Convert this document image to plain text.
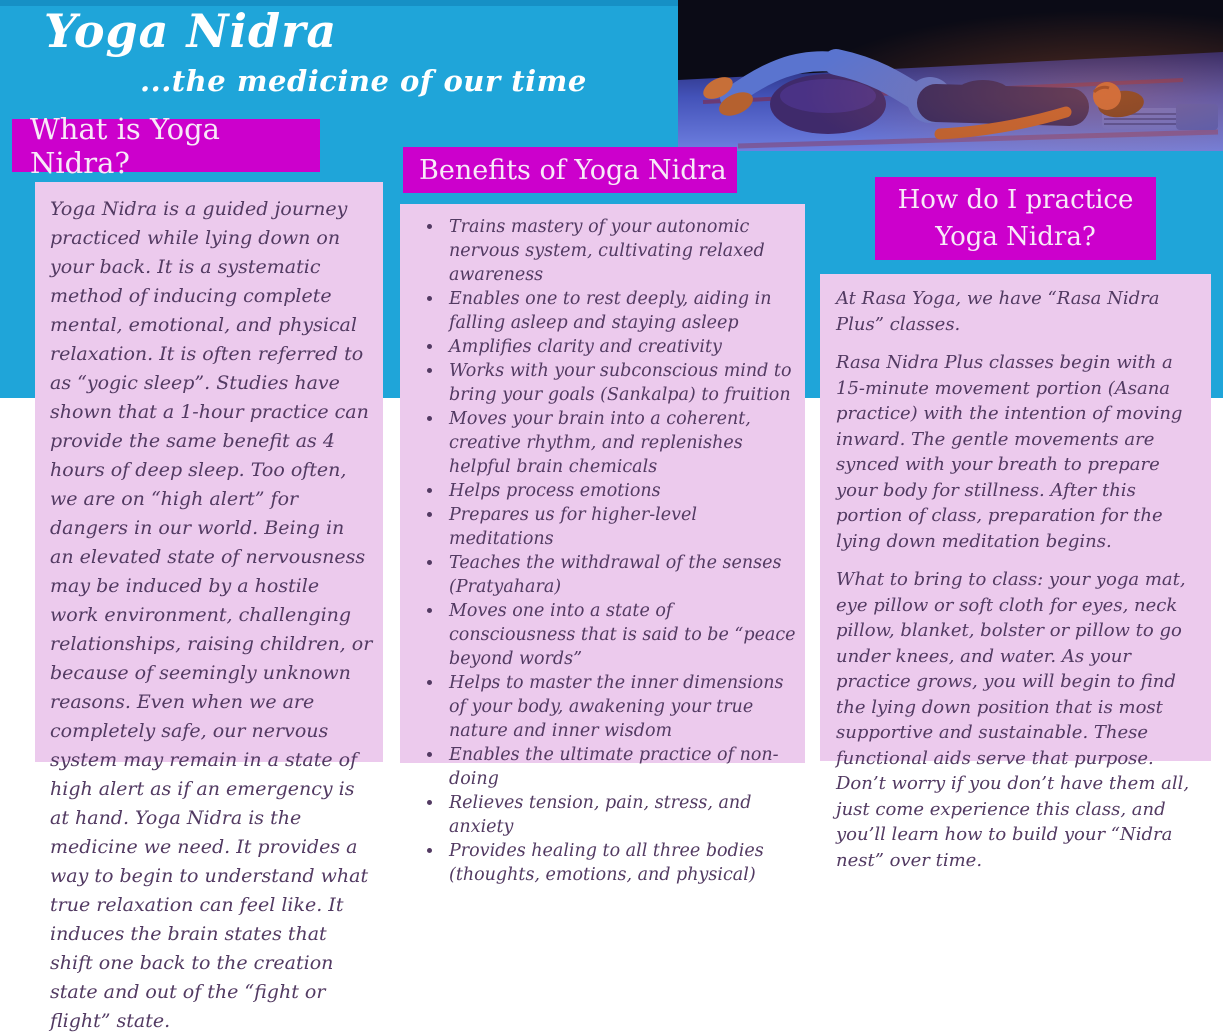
Yoga Nidra
...the medicine of our time
What is Yoga Nidra?	Benefits of Yoga Nidra
How do I practice Yoga Nidra?
Yoga Nidra is a guided journey practiced while lying down on your back. It is a systematic method of inducing complete mental, emotional, and physical relaxation. It is often referred to as “yogic sleep”. Studies have shown that a 1-hour practice can provide the same benefit as 4 hours of deep sleep. Too often, we are on “high alert” for dangers in our world. Being in an elevated state of nervousness may be induced by a hostile work environment, challenging relationships, raising children, or because of seemingly unknown reasons. Even when we are completely safe, our nervous system may remain in a state of high alert as if an emergency is at hand. Yoga Nidra is the medicine we need. It provides a way to begin to understand what true relaxation can feel like. It induces the brain states that shift one back to the creation state and out of the “fight or flight” state.
• Trains mastery of your autonomic nervous system, cultivating relaxed awareness
• Enables one to rest deeply, aiding in falling asleep and staying asleep
• Amplifies clarity and creativity
• Works with your subconscious mind to bring your goals (Sankalpa) to fruition
• Moves your brain into a coherent, creative rhythm, and replenishes helpful brain chemicals
• Helps process emotions
• Prepares us for higher-level meditations
• Teaches the withdrawal of the senses (Pratyahara)
• Moves one into a state of consciousness that is said to be “peace beyond words”
• Helps to master the inner dimensions of your body, awakening your true nature and inner wisdom
• Enables the ultimate practice of non-doing
• Relieves tension, pain, stress, and anxiety
• Provides healing to all three bodies (thoughts, emotions, and physical)

At Rasa Yoga, we have “Rasa Nidra Plus” classes.

Rasa Nidra Plus classes begin with a 15-minute movement portion (Asana practice) with the intention of moving inward. The gentle movements are synced with your breath to prepare your body for stillness. After this portion of class, preparation for the lying down meditation begins.

What to bring to class: your yoga mat, eye pillow or soft cloth for eyes, neck pillow, blanket, bolster or pillow to go under knees, and water. As your practice grows, you will begin to find the lying down position that is most supportive and sustainable. These functional aids serve that purpose. Don’t worry if you don’t have them all, just come experience this class, and you’ll learn how to build your “Nidra nest” over time.
